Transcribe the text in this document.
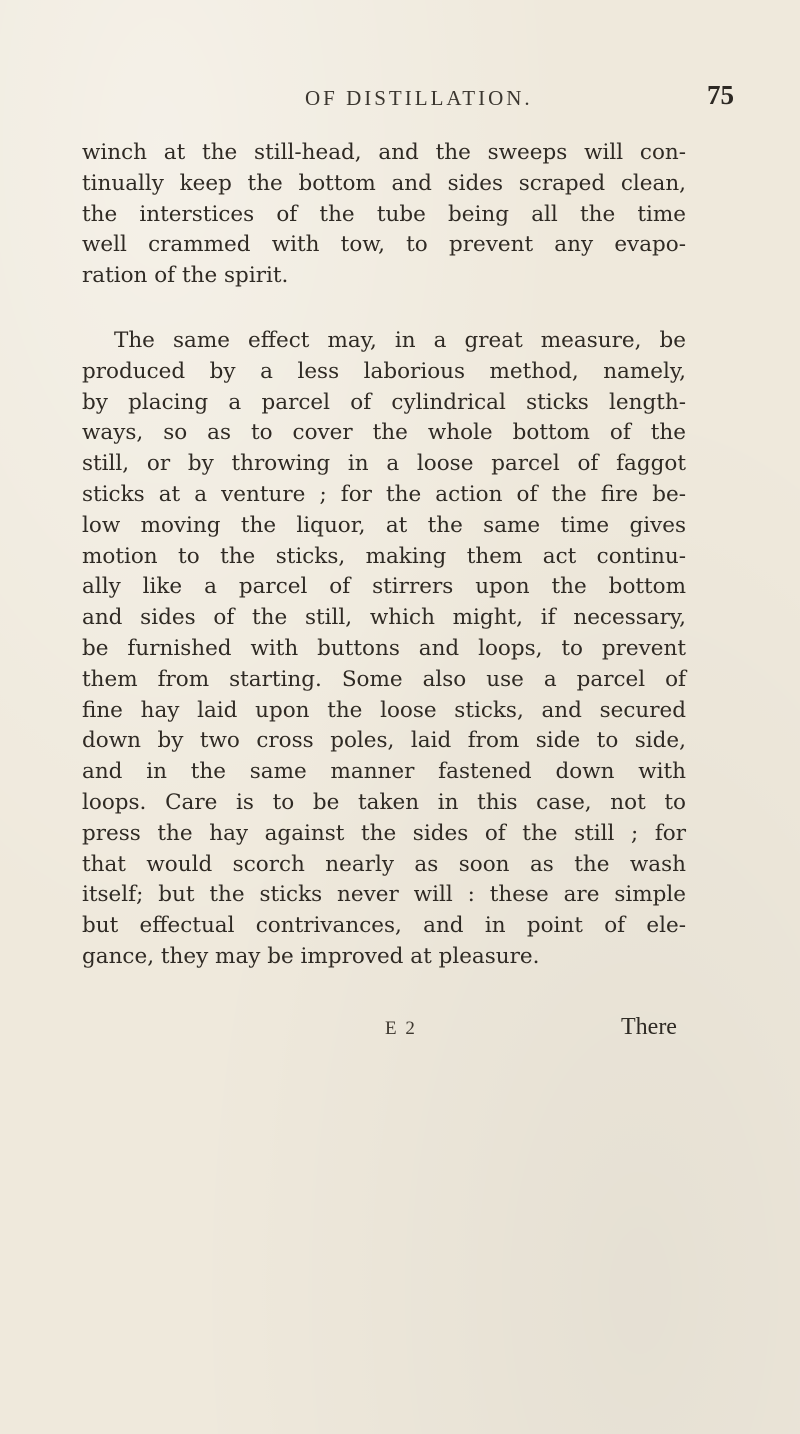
OF DISTILLATION.	75

winch at the still-head, and the sweeps will con-
tinually keep the bottom and sides scraped clean,
the interstices of the tube being all the time
well crammed with tow, to prevent any evapo-
ration of the spirit.

The same effect may, in a great measure, be
produced by a less laborious method, namely,
by placing a parcel of cylindrical sticks length-
ways, so as to cover the whole bottom of the
still, or by throwing in a loose parcel of faggot
sticks at a venture ; for the action of the fire be-
low moving the liquor, at the same time gives
motion to the sticks, making them act continu-
ally like a parcel of stirrers upon the bottom
and sides of the still, which might, if necessary,
be furnished with buttons and loops, to prevent
them from starting. Some also use a parcel of
fine hay laid upon the loose sticks, and secured
down by two cross poles, laid from side to side,
and in the same manner fastened down with
loops. Care is to be taken in this case, not to
press the hay against the sides of the still ; for
that would scorch nearly as soon as the wash
itself; but the sticks never will : these are simple
but effectual contrivances, and in point of ele-
gance, they may be improved at pleasure.

E 2	There
